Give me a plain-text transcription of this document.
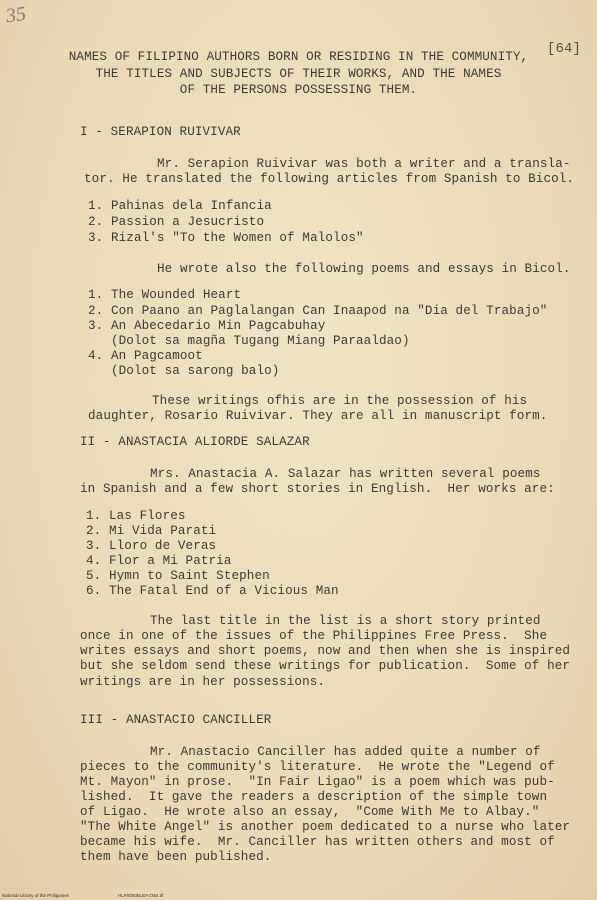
35
[64]
NAMES OF FILIPINO AUTHORS BORN OR RESIDING IN THE COMMUNITY,
THE TITLES AND SUBJECTS OF THEIR WORKS, AND THE NAMES
OF THE PERSONS POSSESSING THEM.
I - SERAPION RUIVIVAR
Mr. Serapion Ruivivar was both a writer and a transla-
tor. He translated the following articles from Spanish to Bicol.
1. Pahinas dela Infancia
2. Passion a Jesucristo
3. Rizal's "To the Women of Malolos"
He wrote also the following poems and essays in Bicol.
1. The Wounded Heart
2. Con Paano an Paglalangan Can Inaapod na "Dia del Trabajo"
3. An Abecedario Min Pagcabuhay
(Dolot sa magña Tugang Miang Paraaldao)
4. An Pagcamoot
(Dolot sa sarong balo)
These writings ofhis are in the possession of his
daughter, Rosario Ruivivar. They are all in manuscript form.
II - ANASTACIA ALIORDE SALAZAR
Mrs. Anastacia A. Salazar has written several poems
in Spanish and a few short stories in English.  Her works are:
1. Las Flores
2. Mi Vida Parati
3. Lloro de Veras
4. Flor a Mi Patria
5. Hymn to Saint Stephen
6. The Fatal End of a Vicious Man
The last title in the list is a short story printed
once in one of the issues of the Philippines Free Press.  She
writes essays and short poems, now and then when she is inspired
but she seldom send these writings for publication.  Some of her
writings are in her possessions.
III - ANASTACIO CANCILLER
Mr. Anastacio Canciller has added quite a number of
pieces to the community's literature.  He wrote the "Legend of
Mt. Mayon" in prose.  "In Fair Ligao" is a poem which was pub-
lished.  It gave the readers a description of the simple town
of Ligao.  He wrote also an essay,  "Come With Me to Albay."
"The White Angel" is another poem dedicated to a nurse who later
became his wife.  Mr. Canciller has written others and most of
them have been published.
National Library of the Philippines	HLP0000BU0A7364.tif
